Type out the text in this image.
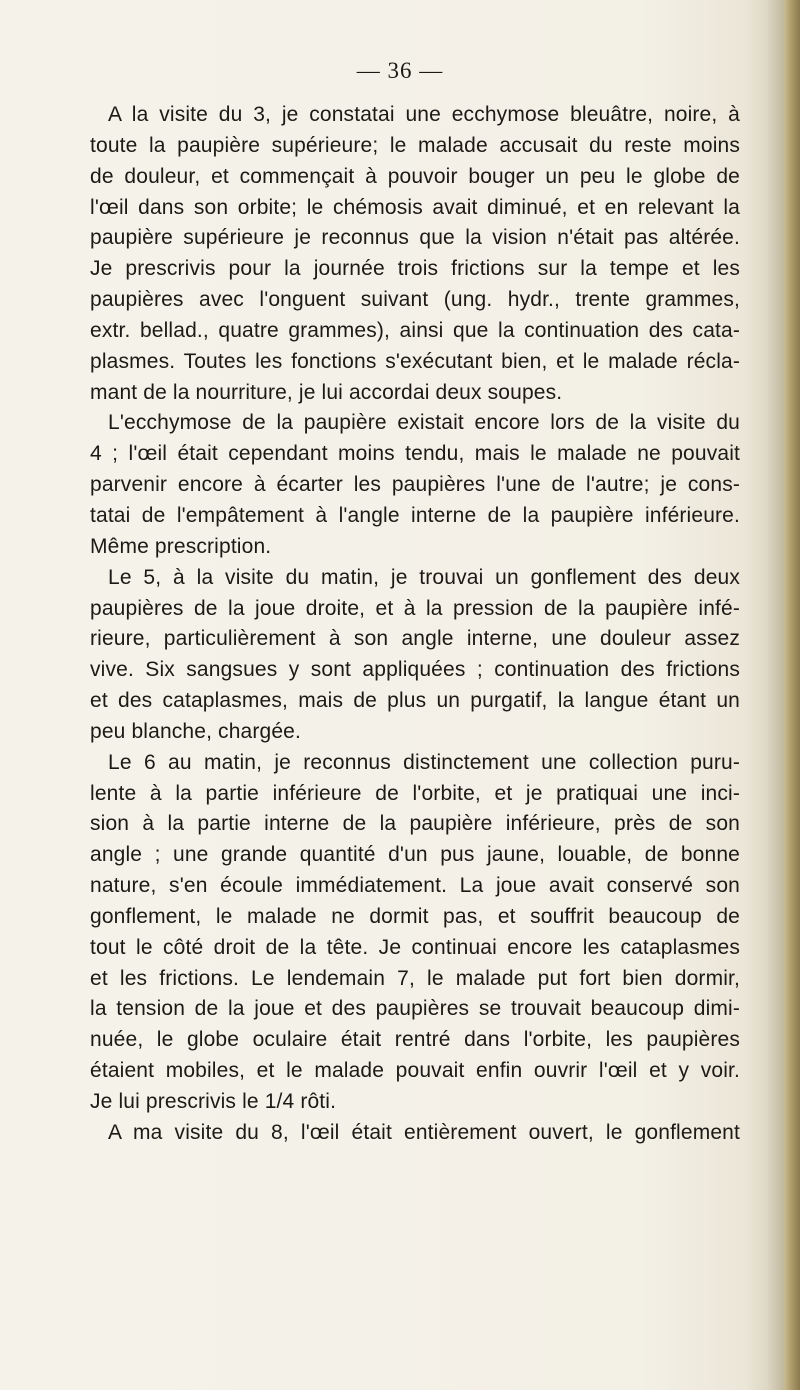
— 36 —
A la visite du 3, je constatai une ecchymose bleuâtre, noire, à
toute la paupière supérieure; le malade accusait du reste moins
de douleur, et commençait à pouvoir bouger un peu le globe de
l'œil dans son orbite; le chémosis avait diminué, et en relevant la
paupière supérieure je reconnus que la vision n'était pas altérée.
Je prescrivis pour la journée trois frictions sur la tempe et les
paupières avec l'onguent suivant (ung. hydr., trente grammes,
extr. bellad., quatre grammes), ainsi que la continuation des cata-
plasmes. Toutes les fonctions s'exécutant bien, et le malade récla-
mant de la nourriture, je lui accordai deux soupes.
L'ecchymose de la paupière existait encore lors de la visite du
4 ; l'œil était cependant moins tendu, mais le malade ne pouvait
parvenir encore à écarter les paupières l'une de l'autre; je cons-
tatai de l'empâtement à l'angle interne de la paupière inférieure.
Même prescription.
Le 5, à la visite du matin, je trouvai un gonflement des deux
paupières de la joue droite, et à la pression de la paupière infé-
rieure, particulièrement à son angle interne, une douleur assez
vive. Six sangsues y sont appliquées ; continuation des frictions
et des cataplasmes, mais de plus un purgatif, la langue étant un
peu blanche, chargée.
Le 6 au matin, je reconnus distinctement une collection puru-
lente à la partie inférieure de l'orbite, et je pratiquai une inci-
sion à la partie interne de la paupière inférieure, près de son
angle ; une grande quantité d'un pus jaune, louable, de bonne
nature, s'en écoule immédiatement. La joue avait conservé son
gonflement, le malade ne dormit pas, et souffrit beaucoup de
tout le côté droit de la tête. Je continuai encore les cataplasmes
et les frictions. Le lendemain 7, le malade put fort bien dormir,
la tension de la joue et des paupières se trouvait beaucoup dimi-
nuée, le globe oculaire était rentré dans l'orbite, les paupières
étaient mobiles, et le malade pouvait enfin ouvrir l'œil et y voir.
Je lui prescrivis le 1/4 rôti.
A ma visite du 8, l'œil était entièrement ouvert, le gonflement
